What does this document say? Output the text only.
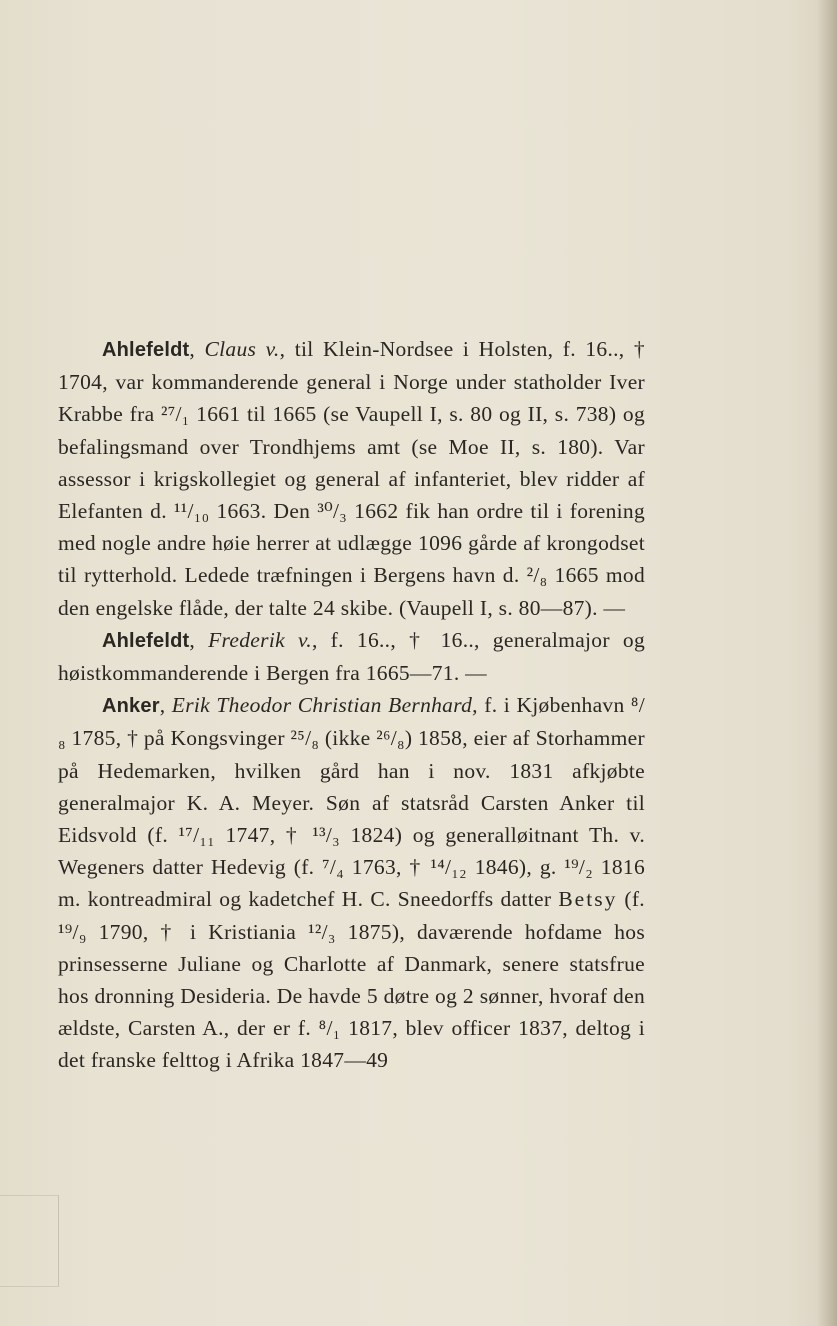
Ahlefeldt, Claus v., til Klein-Nordsee i Holsten, f. 16.., † 1704, var kommanderende general i Norge under statholder Iver Krabbe fra ²⁷/₁ 1661 til 1665 (se Vaupell I, s. 80 og II, s. 738) og befalingsmand over Trondhjems amt (se Moe II, s. 180). Var assessor i krigskollegiet og general af infanteriet, blev ridder af Elefanten d. ¹¹/₁₀ 1663. Den ³⁰/₃ 1662 fik han ordre til i forening med nogle andre høie herrer at udlægge 1096 gårde af krongodset til rytterhold. Ledede træfningen i Bergens havn d. ²/₈ 1665 mod den engelske flåde, der talte 24 skibe. (Vaupell I, s. 80—87). —

Ahlefeldt, Frederik v., f. 16.., † 16.., generalmajor og høistkommanderende i Bergen fra 1665—71. —

Anker, Erik Theodor Christian Bernhard, f. i Kjøbenhavn ⁸/₈ 1785, † på Kongsvinger ²⁵/₈ (ikke ²⁶/₈) 1858, eier af Storhammer på Hedemarken, hvilken gård han i nov. 1831 afkjøbte generalmajor K. A. Meyer. Søn af statsråd Carsten Anker til Eidsvold (f. ¹⁷/₁₁ 1747, † ¹³/₃ 1824) og generalløitnant Th. v. Wegeners datter Hedevig (f. ⁷/₄ 1763, † ¹⁴/₁₂ 1846), g. ¹⁹/₂ 1816 m. kontreadmiral og kadetchef H. C. Sneedorffs datter Betsy (f. ¹⁹/₉ 1790, † i Kristiania ¹²/₃ 1875), daværende hofdame hos prinsesserne Juliane og Charlotte af Danmark, senere statsfrue hos dronning Desideria. De havde 5 døtre og 2 sønner, hvoraf den ældste, Carsten A., der er f. ⁸/₁ 1817, blev officer 1837, deltog i det franske felttog i Afrika 1847—49
